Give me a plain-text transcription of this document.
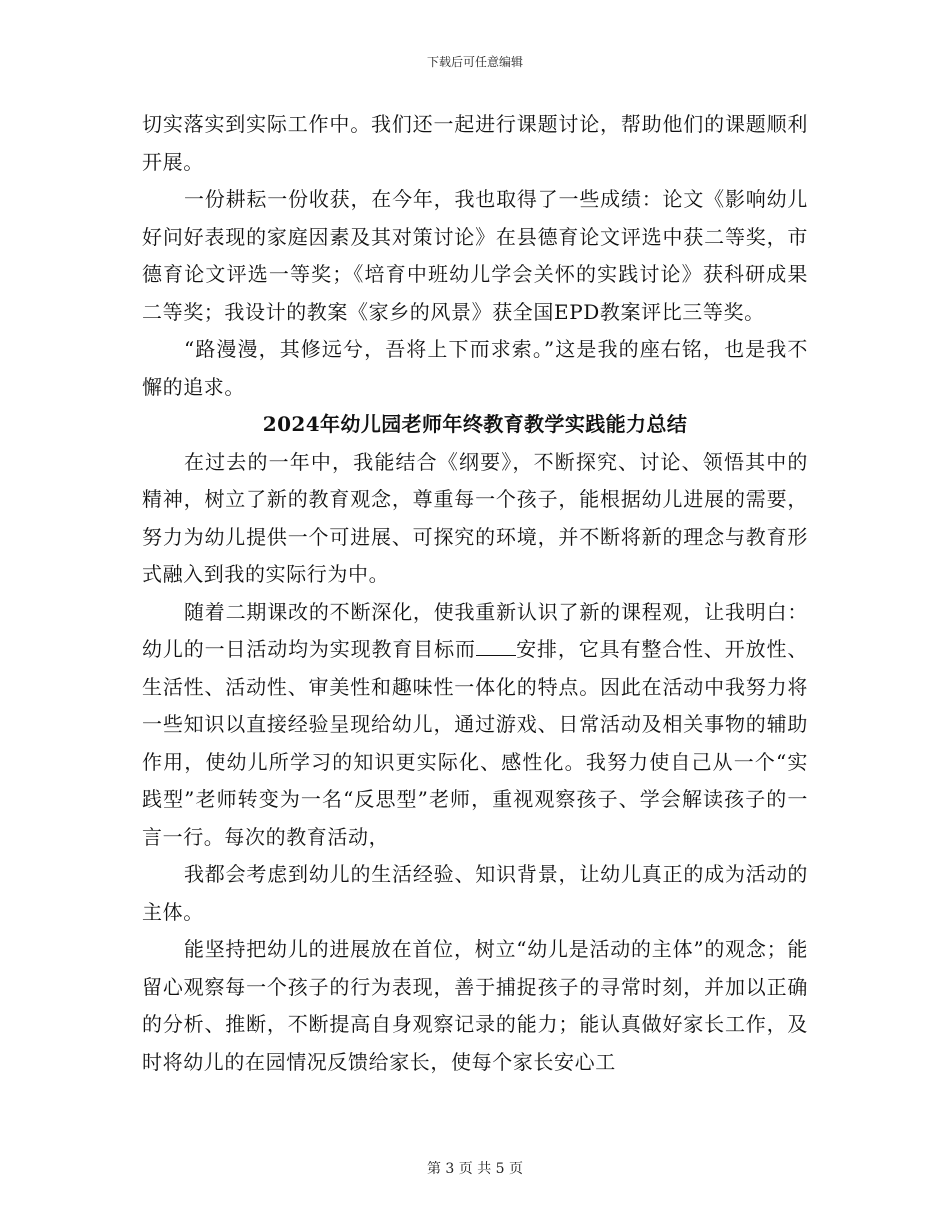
下载后可任意编辑

切实落实到实际工作中。我们还一起进行课题讨论，帮助他们的课题顺利开展。

一份耕耘一份收获，在今年，我也取得了一些成绩：论文《影响幼儿好问好表现的家庭因素及其对策讨论》在县德育论文评选中获二等奖，市德育论文评选一等奖；《培育中班幼儿学会关怀的实践讨论》获科研成果二等奖；我设计的教案《家乡的风景》获全国EPD教案评比三等奖。

“路漫漫，其修远兮，吾将上下而求索。”这是我的座右铭，也是我不懈的追求。

2024年幼儿园老师年终教育教学实践能力总结

在过去的一年中，我能结合《纲要》，不断探究、讨论、领悟其中的精神，树立了新的教育观念，尊重每一个孩子，能根据幼儿进展的需要，努力为幼儿提供一个可进展、可探究的环境，并不断将新的理念与教育形式融入到我的实际行为中。

随着二期课改的不断深化，使我重新认识了新的课程观，让我明白：幼儿的一日活动均为实现教育目标而 安排，它具有整合性、开放性、生活性、活动性、审美性和趣味性一体化的特点。因此在活动中我努力将一些知识以直接经验呈现给幼儿，通过游戏、日常活动及相关事物的辅助作用，使幼儿所学习的知识更实际化、感性化。我努力使自己从一个“实践型”老师转变为一名“反思型”老师，重视观察孩子、学会解读孩子的一言一行。每次的教育活动，

我都会考虑到幼儿的生活经验、知识背景，让幼儿真正的成为活动的主体。

能坚持把幼儿的进展放在首位，树立“幼儿是活动的主体”的观念；能留心观察每一个孩子的行为表现，善于捕捉孩子的寻常时刻，并加以正确的分析、推断，不断提高自身观察记录的能力；能认真做好家长工作，及时将幼儿的在园情况反馈给家长，使每个家长安心工

第 3 页 共 5 页
